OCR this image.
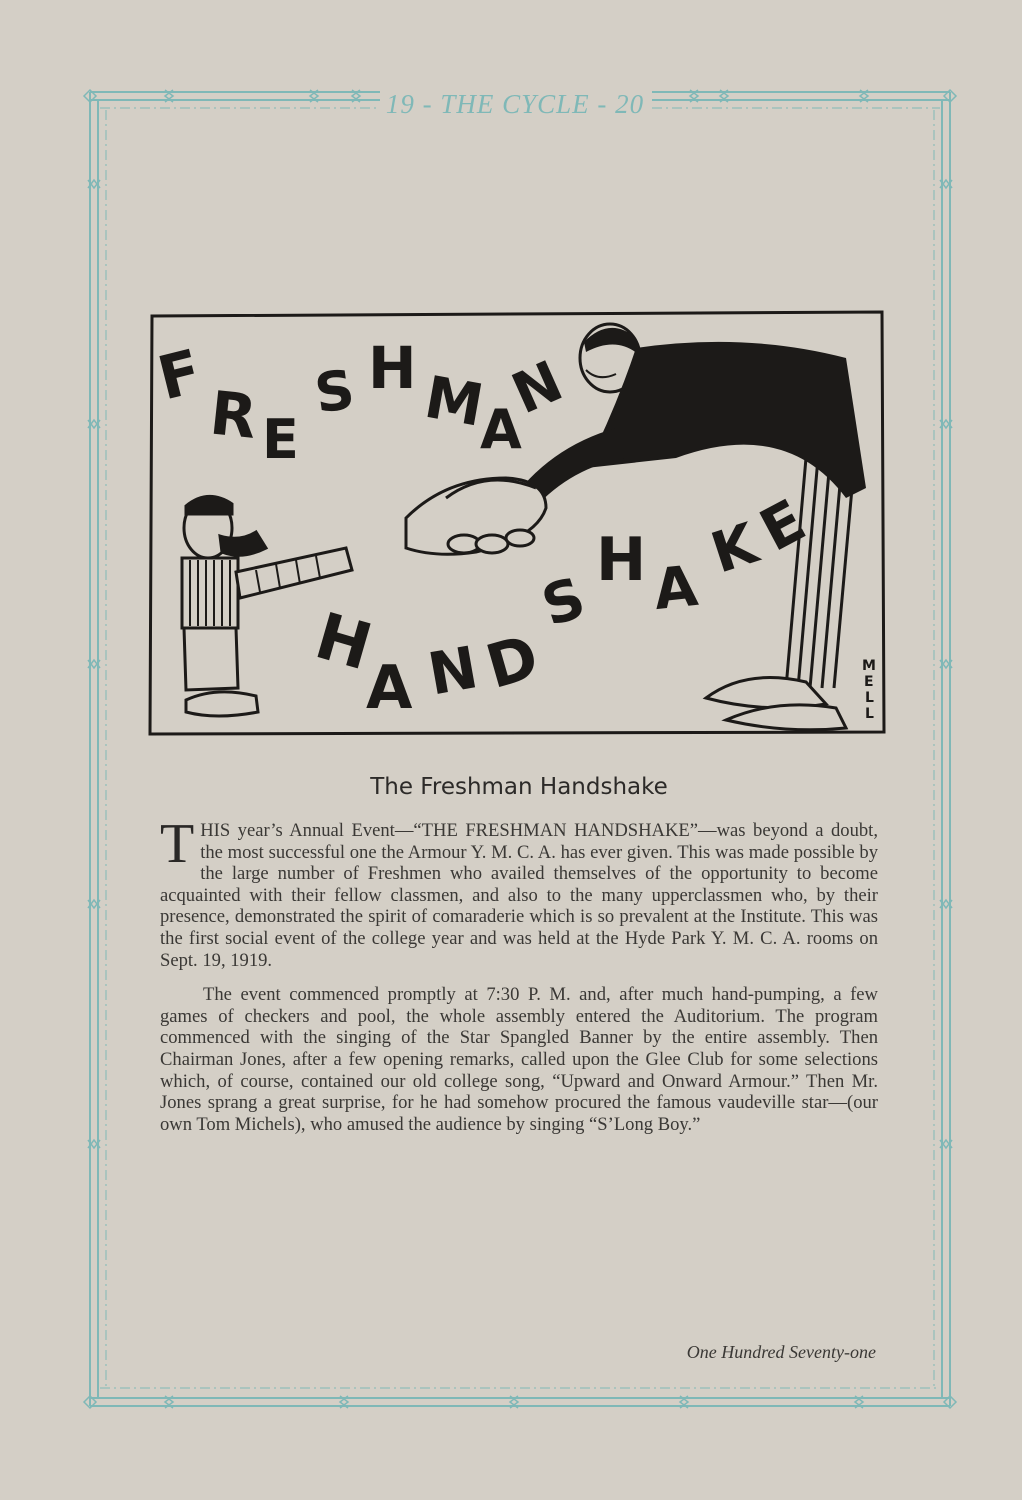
19 - THE CYCLE - 20
F
R E
S H M
A
N
H
A N
D
S
H A
K
E
M
E
L
L
The Freshman Handshake

THIS year’s Annual Event—“THE FRESHMAN HANDSHAKE”—was beyond a doubt, the most successful one the Armour Y. M. C. A. has ever given. This was made possible by the large number of Freshmen who availed themselves of the opportunity to become acquainted with their fellow classmen, and also to the many upperclassmen who, by their presence, demonstrated the spirit of comaraderie which is so prevalent at the Institute. This was the first social event of the college year and was held at the Hyde Park Y. M. C. A. rooms on Sept. 19, 1919.

The event commenced promptly at 7:30 P. M. and, after much hand-pumping, a few games of checkers and pool, the whole assembly entered the Auditorium. The program commenced with the singing of the Star Spangled Banner by the entire assembly. Then Chairman Jones, after a few opening remarks, called upon the Glee Club for some selections which, of course, contained our old college song, “Upward and Onward Armour.” Then Mr. Jones sprang a great surprise, for he had somehow procured the famous vaudeville star—(our own Tom Michels), who amused the audience by singing “S’Long Boy.”

One Hundred Seventy-one
